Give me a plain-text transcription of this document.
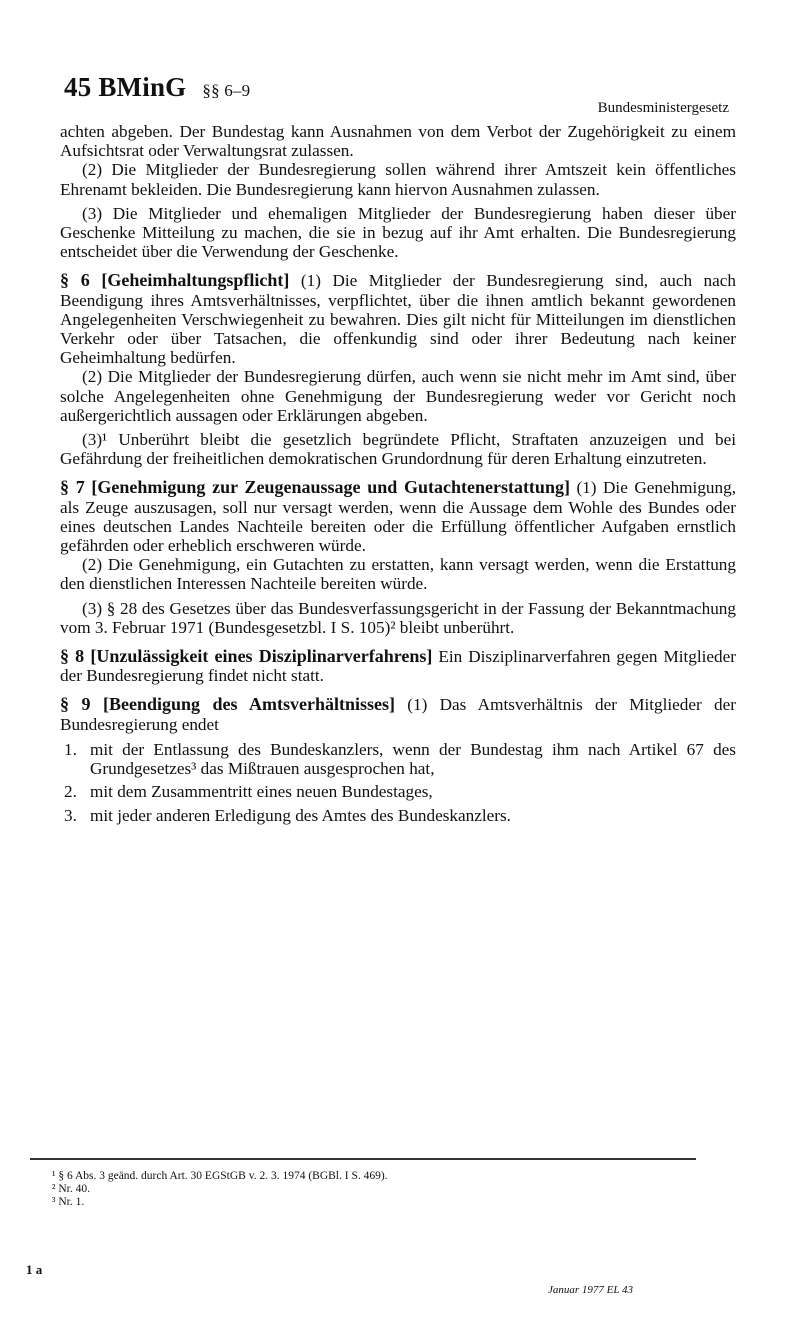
45 BMinG §§ 6–9
Bundesministergesetz

achten abgeben. Der Bundestag kann Ausnahmen von dem Verbot der Zugehörigkeit zu einem Aufsichtsrat oder Verwaltungsrat zulassen.

(2) Die Mitglieder der Bundesregierung sollen während ihrer Amtszeit kein öffentliches Ehrenamt bekleiden. Die Bundesregierung kann hiervon Ausnahmen zulassen.

(3) Die Mitglieder und ehemaligen Mitglieder der Bundesregierung haben dieser über Geschenke Mitteilung zu machen, die sie in bezug auf ihr Amt erhalten. Die Bundesregierung entscheidet über die Verwendung der Geschenke.

§ 6 [Geheimhaltungspflicht] (1) Die Mitglieder der Bundesregierung sind, auch nach Beendigung ihres Amtsverhältnisses, verpflichtet, über die ihnen amtlich bekannt gewordenen Angelegenheiten Verschwiegenheit zu bewahren. Dies gilt nicht für Mitteilungen im dienstlichen Verkehr oder über Tatsachen, die offenkundig sind oder ihrer Bedeutung nach keiner Geheimhaltung bedürfen.

(2) Die Mitglieder der Bundesregierung dürfen, auch wenn sie nicht mehr im Amt sind, über solche Angelegenheiten ohne Genehmigung der Bundesregierung weder vor Gericht noch außergerichtlich aussagen oder Erklärungen abgeben.

(3)¹ Unberührt bleibt die gesetzlich begründete Pflicht, Straftaten anzuzeigen und bei Gefährdung der freiheitlichen demokratischen Grundordnung für deren Erhaltung einzutreten.

§ 7 [Genehmigung zur Zeugenaussage und Gutachtenerstattung] (1) Die Genehmigung, als Zeuge auszusagen, soll nur versagt werden, wenn die Aussage dem Wohle des Bundes oder eines deutschen Landes Nachteile bereiten oder die Erfüllung öffentlicher Aufgaben ernstlich gefährden oder erheblich erschweren würde.

(2) Die Genehmigung, ein Gutachten zu erstatten, kann versagt werden, wenn die Erstattung den dienstlichen Interessen Nachteile bereiten würde.

(3) § 28 des Gesetzes über das Bundesverfassungsgericht in der Fassung der Bekanntmachung vom 3. Februar 1971 (Bundesgesetzbl. I S. 105)² bleibt unberührt.

§ 8 [Unzulässigkeit eines Disziplinarverfahrens] Ein Disziplinarverfahren gegen Mitglieder der Bundesregierung findet nicht statt.

§ 9 [Beendigung des Amtsverhältnisses] (1) Das Amtsverhältnis der Mitglieder der Bundesregierung endet

1. mit der Entlassung des Bundeskanzlers, wenn der Bundestag ihm nach Artikel 67 des Grundgesetzes³ das Mißtrauen ausgesprochen hat,
2. mit dem Zusammentritt eines neuen Bundestages,
3. mit jeder anderen Erledigung des Amtes des Bundeskanzlers.
¹ § 6 Abs. 3 geänd. durch Art. 30 EGStGB v. 2. 3. 1974 (BGBl. I S. 469).
² Nr. 40.
³ Nr. 1.
1 a
Januar 1977 EL 43
